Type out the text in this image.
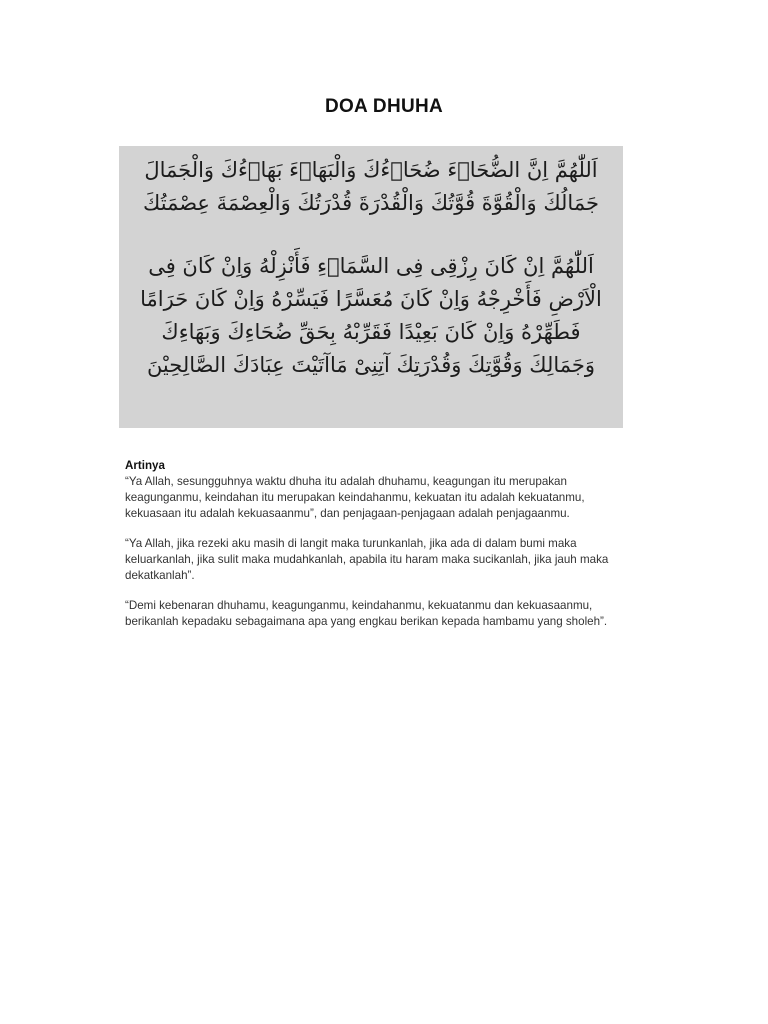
DOA DHUHA

اَللّٰهُمَّ اِنَّ الضُّحَاۤءَ ضُحَاۤءُكَ وَالْبَهَاۤءَ بَهَاۤءُكَ وَالْجَمَالَ جَمَالُكَ وَالْقُوَّةَ قُوَّتُكَ وَالْقُدْرَةَ قُدْرَتُكَ وَالْعِصْمَةَ عِصْمَتُكَ

اَللّٰهُمَّ اِنْ كَانَ رِزْقِى فِى السَّمَاۤءِ فَأَنْزِلْهُ وَاِنْ كَانَ فِى الْاَرْضِ فَأَخْرِجْهُ وَاِنْ كَانَ مُعَسَّرًا فَيَسِّرْهُ وَاِنْ كَانَ حَرَامًا فَطَهِّرْهُ وَاِنْ كَانَ بَعِيْدًا فَقَرِّبْهُ بِحَقِّ ضُحَاءِكَ وَبَهَاءِكَ وَجَمَالِكَ وَقُوَّتِكَ وَقُدْرَتِكَ آتِنِىْ مَاآتَيْتَ عِبَادَكَ الصَّالِحِيْنَ

Artinya

“Ya Allah, sesungguhnya waktu dhuha itu adalah dhuhamu, keagungan itu merupakan keagunganmu, keindahan itu merupakan keindahanmu, kekuatan itu adalah kekuatanmu, kekuasaan itu adalah kekuasaanmu”, dan penjagaan-penjagaan adalah penjagaanmu.

“Ya Allah, jika rezeki aku masih di langit maka turunkanlah, jika ada di dalam bumi maka keluarkanlah, jika sulit maka mudahkanlah, apabila itu haram maka sucikanlah, jika jauh maka dekatkanlah”.

“Demi kebenaran dhuhamu, keagunganmu, keindahanmu, kekuatanmu dan kekuasaanmu, berikanlah kepadaku sebagaimana apa yang engkau berikan kepada hambamu yang sholeh”.
